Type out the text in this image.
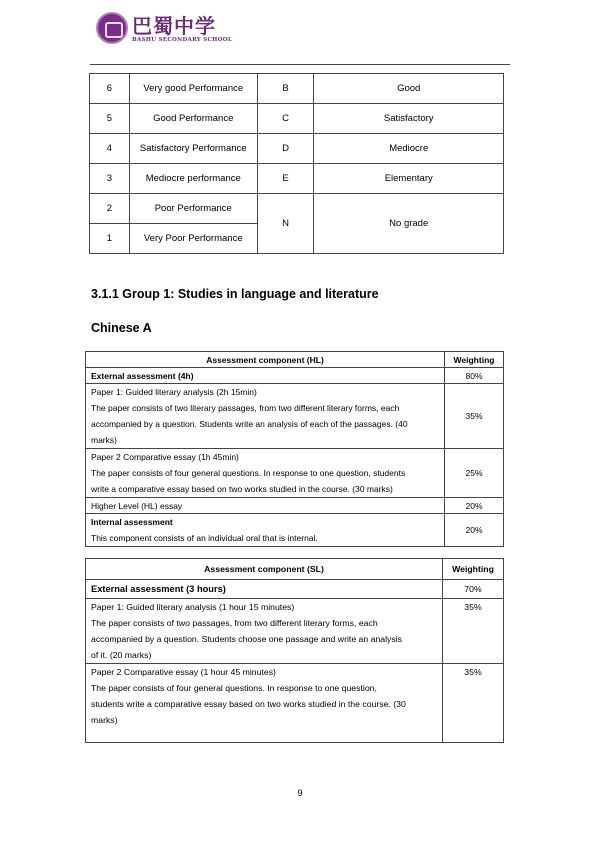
巴蜀中学
BASHU SECONDARY SCHOOL
6	Very good Performance	B	Good
5	Good Performance	C	Satisfactory
4	Satisfactory Performance	D	Mediocre
3	Mediocre performance	E	Elementary
2	Poor Performance	N	No grade
1	Very Poor Performance		
3.1.1 Group 1: Studies in language and literature
Chinese A
Assessment component (HL)	Weighting
External assessment (4h)	80%

Paper 1: Guided literary analysis (2h 15min)
The paper consists of two literary passages, from two different literary forms, each
accompanied by a question. Students write an analysis of each of the passages. (40
marks)	35%

Paper 2 Comparative essay (1h 45min)
The paper consists of four general questions. In response to one question, students
write a comparative essay based on two works studied in the course. (30 marks)	25%
Higher Level (HL) essay	20%

Internal assessment
This component consists of an individual oral that is internal.	20%
Assessment component (SL)	Weighting
External assessment (3 hours)	70%

Paper 1: Guided literary analysis (1 hour 15 minutes)
The paper consists of two passages, from two different literary forms, each
accompanied by a question. Students choose one passage and write an analysis
of it. (20 marks)	35%

Paper 2 Comparative essay (1 hour 45 minutes)
The paper consists of four general questions. In response to one question,
students write a comparative essay based on two works studied in the course. (30
marks)	35%
9
